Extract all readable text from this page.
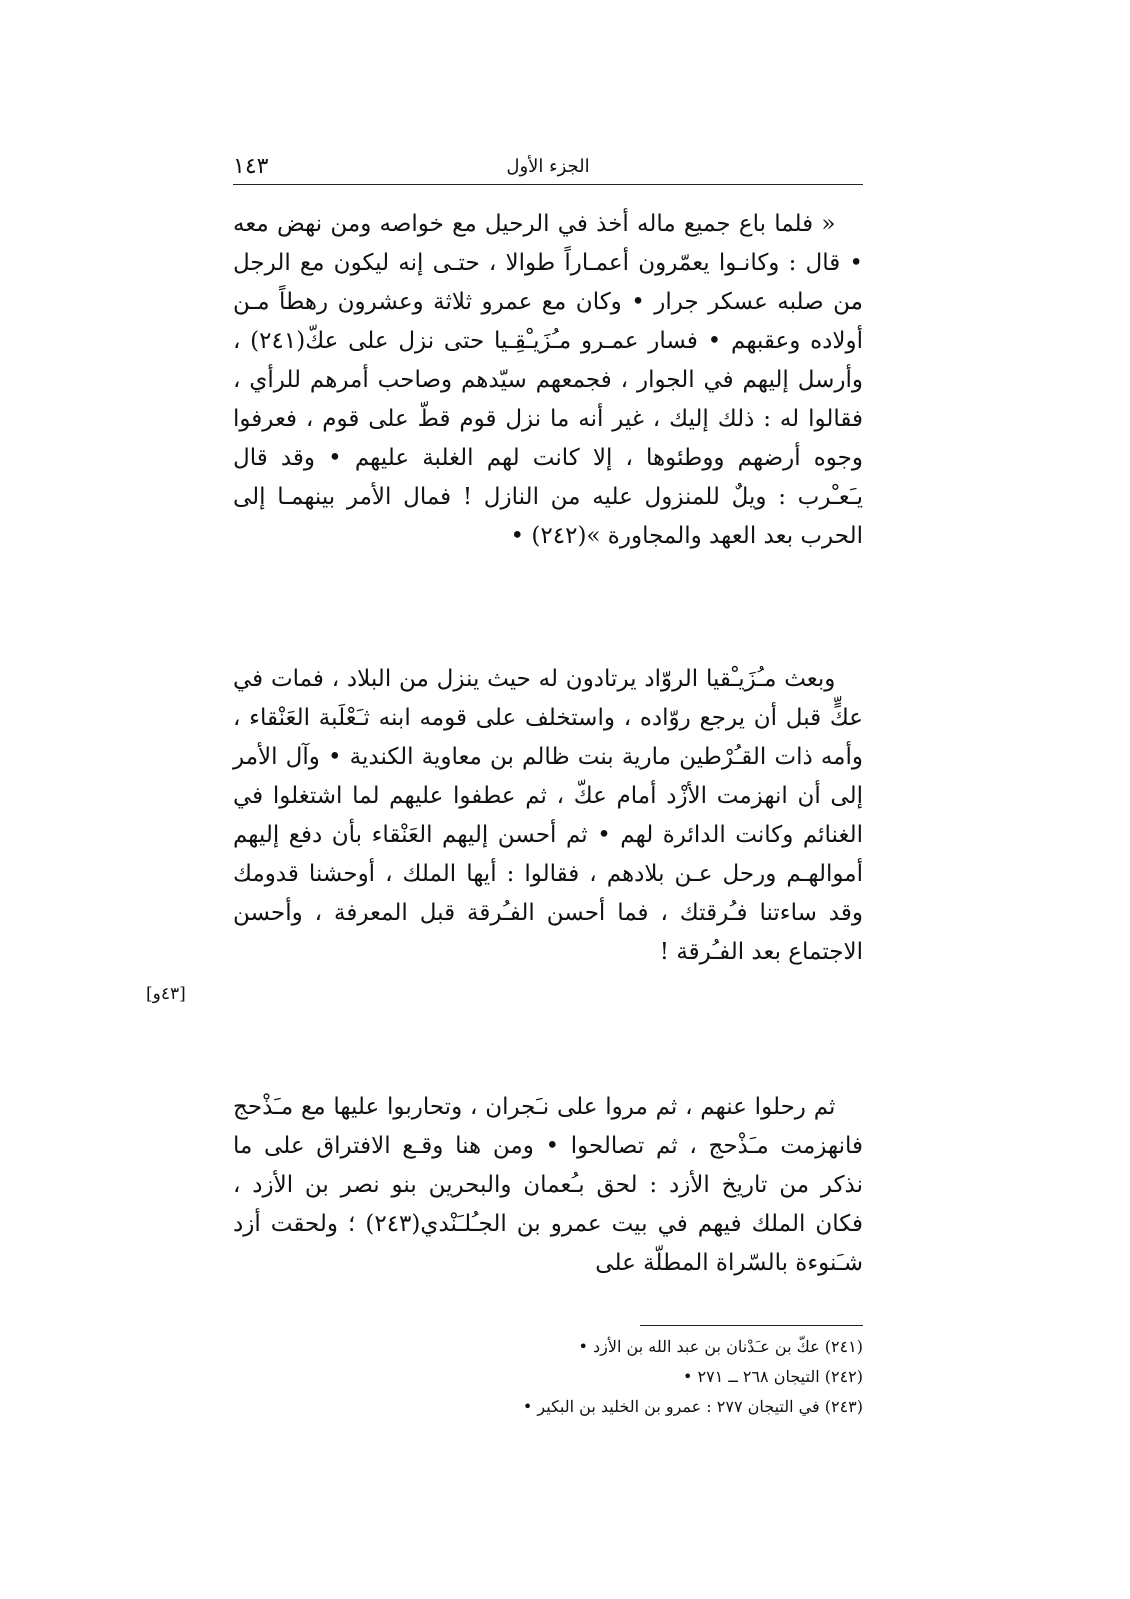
١٤٣	الجزء الأول

« فلما باع جميع ماله أخذ في الرحيل مع خواصه ومن نهض معه • قال : وكانـوا يعمّرون أعمـاراً طوالا ، حتـى إنه ليكون مع الرجل من صلبه عسكر جرار • وكان مع عمرو ثلاثة وعشرون رهطاً مـن أولاده وعقبهم • فسار عمـرو مـُزَيـْقِـيا حتى نزل على عكّ(٢٤١) ، وأرسل إليهم في الجوار ، فجمعهم سيّدهم وصاحب أمرهم للرأي ، فقالوا له : ذلك إليك ، غير أنه ما نزل قوم قطّ على قوم ، فعرفوا وجوه أرضهم ووطئوها ، إلا كانت لهم الغلبة عليهم • وقد قال يـَعـْرب : ويلٌ للمنزول عليه من النازل ! فمال الأمر بينهمـا إلى الحرب بعد العهد والمجاورة »(٢٤٢) •

وبعث مـُزَيـْقيا الروّاد يرتادون له حيث ينزل من البلاد ، فمات في عكٍّ قبل أن يرجع روّاده ، واستخلف على قومه ابنه ثـَعْلَبة العَنْقاء ، وأمه ذات القـُرْطين مارية بنت ظالم بن معاوية الكندية • وآل الأمر إلى أن انهزمت الأزْد أمام عكّ ، ثم عطفوا عليهم لما اشتغلوا في الغنائم وكانت الدائرة لهم • ثم أحسن إليهم العَنْقاء بأن دفع إليهم أموالهـم ورحل عـن بلادهم ، فقالوا : أيها الملك ، أوحشنا قدومك وقد ساءتنا فـُرقتك ، فما أحسن الفـُرقة قبل المعرفة ، وأحسن الاجتماع بعد الفـُرقة !

[٤٣و]

ثم رحلوا عنهم ، ثم مروا على نـَجران ، وتحاربوا عليها مع مـَذْحج فانهزمت مـَذْحج ، ثم تصالحوا • ومن هنا وقـع الافتراق على ما نذكر من تاريخ الأزد : لحق بـُعمان والبحرين بنو نصر بن الأزد ، فكان الملك فيهم في بيت عمرو بن الجـُلـَنْدي(٢٤٣) ؛ ولحقت أزد شـَنوءة بالسّراة المطلّة على

(٢٤١) عكّ بن عـَدْنان بن عبد الله بن الأزد •
(٢٤٢) التيجان ٢٦٨ ــ ٢٧١ •
(٢٤٣) في التيجان ٢٧٧ : عمرو بن الخليد بن البكير •
